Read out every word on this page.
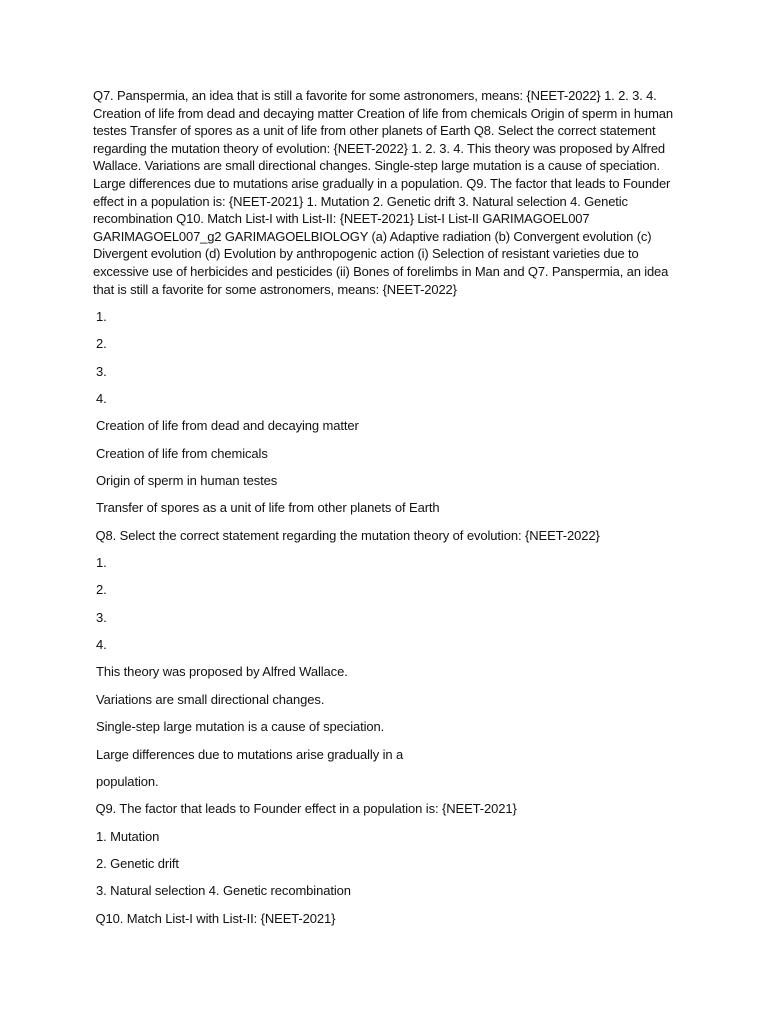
Q7. Panspermia, an idea that is still a favorite for some astronomers, means: {NEET-2022} 1. 2. 3. 4. Creation of life from dead and decaying matter Creation of life from chemicals Origin of sperm in human testes Transfer of spores as a unit of life from other planets of Earth Q8. Select the correct statement regarding the mutation theory of evolution: {NEET-2022} 1. 2. 3. 4. This theory was proposed by Alfred Wallace. Variations are small directional changes. Single-step large mutation is a cause of speciation. Large differences due to mutations arise gradually in a population. Q9. The factor that leads to Founder effect in a population is: {NEET-2021} 1. Mutation 2. Genetic drift 3. Natural selection 4. Genetic recombination Q10. Match List-I with List-II: {NEET-2021} List-I List-II GARIMAGOEL007 GARIMAGOEL007_g2 GARIMAGOELBIOLOGY (a) Adaptive radiation (b) Convergent evolution (c) Divergent evolution (d) Evolution by anthropogenic action (i) Selection of resistant varieties due to excessive use of herbicides and pesticides (ii) Bones of forelimbs in Man and Q7. Panspermia, an idea that is still a favorite for some astronomers, means: {NEET-2022}

1.
2.
3.
4.
Creation of life from dead and decaying matter
Creation of life from chemicals
Origin of sperm in human testes
Transfer of spores as a unit of life from other planets of Earth
Q8. Select the correct statement regarding the mutation theory of evolution: {NEET-2022}
1.
2.
3.
4.
This theory was proposed by Alfred Wallace.
Variations are small directional changes.
Single-step large mutation is a cause of speciation.
Large differences due to mutations arise gradually in a
population.
Q9. The factor that leads to Founder effect in a population is: {NEET-2021}
1. Mutation
2. Genetic drift
3. Natural selection 4. Genetic recombination
Q10. Match List-I with List-II: {NEET-2021}
